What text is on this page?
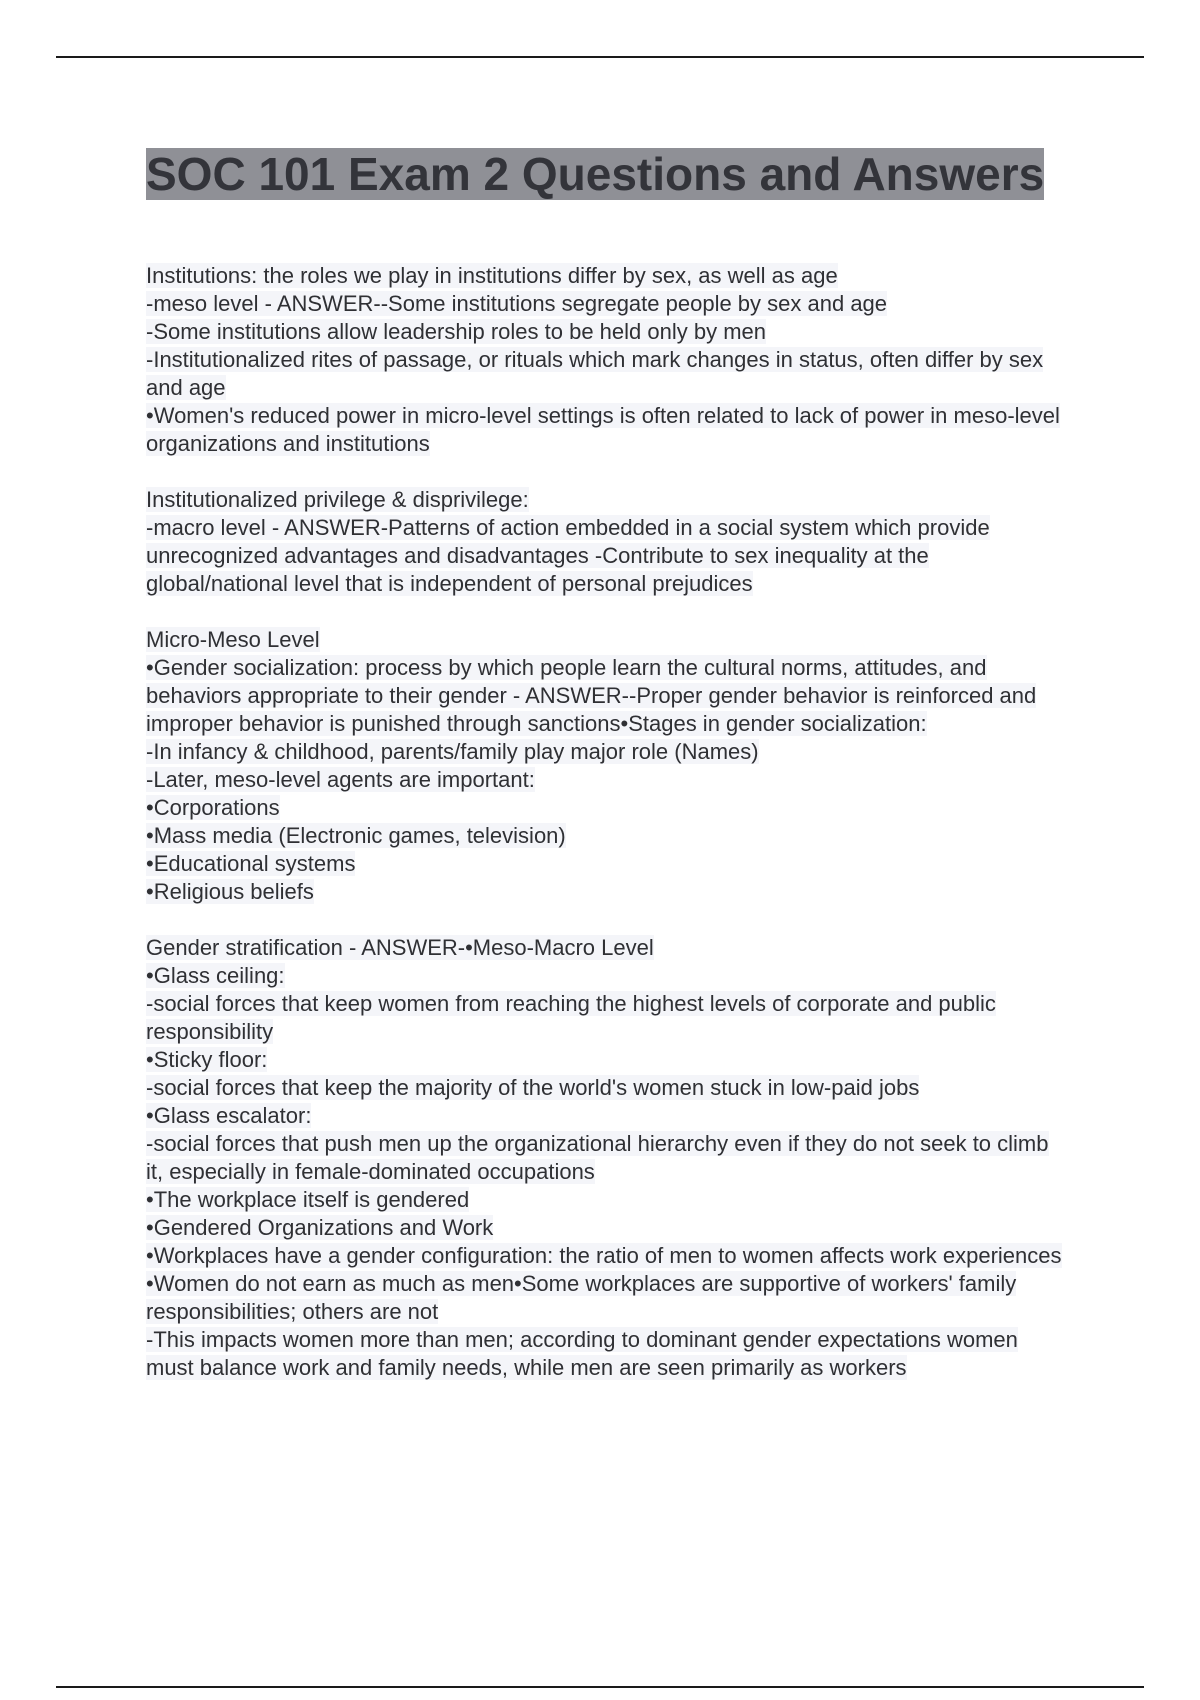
SOC 101 Exam 2 Questions and Answers
Institutions: the roles we play in institutions differ by sex, as well as age
-meso level - ANSWER--Some institutions segregate people by sex and age
-Some institutions allow leadership roles to be held only by men
-Institutionalized rites of passage, or rituals which mark changes in status, often differ by sex and age
•Women's reduced power in micro-level settings is often related to lack of power in meso-level organizations and institutions
Institutionalized privilege & disprivilege:
-macro level - ANSWER-Patterns of action embedded in a social system which provide unrecognized advantages and disadvantages -Contribute to sex inequality at the global/national level that is independent of personal prejudices
Micro-Meso Level
•Gender socialization: process by which people learn the cultural norms, attitudes, and behaviors appropriate to their gender - ANSWER--Proper gender behavior is reinforced and improper behavior is punished through sanctions•Stages in gender socialization:
-In infancy & childhood, parents/family play major role (Names)
-Later, meso-level agents are important:
•Corporations
•Mass media (Electronic games, television)
•Educational systems
•Religious beliefs
Gender stratification - ANSWER-•Meso-Macro Level
•Glass ceiling:
-social forces that keep women from reaching the highest levels of corporate and public responsibility
•Sticky floor:
-social forces that keep the majority of the world's women stuck in low-paid jobs
•Glass escalator:
-social forces that push men up the organizational hierarchy even if they do not seek to climb it, especially in female-dominated occupations
•The workplace itself is gendered
•Gendered Organizations and Work
•Workplaces have a gender configuration: the ratio of men to women affects work experiences
•Women do not earn as much as men•Some workplaces are supportive of workers' family responsibilities; others are not
-This impacts women more than men; according to dominant gender expectations women must balance work and family needs, while men are seen primarily as workers
